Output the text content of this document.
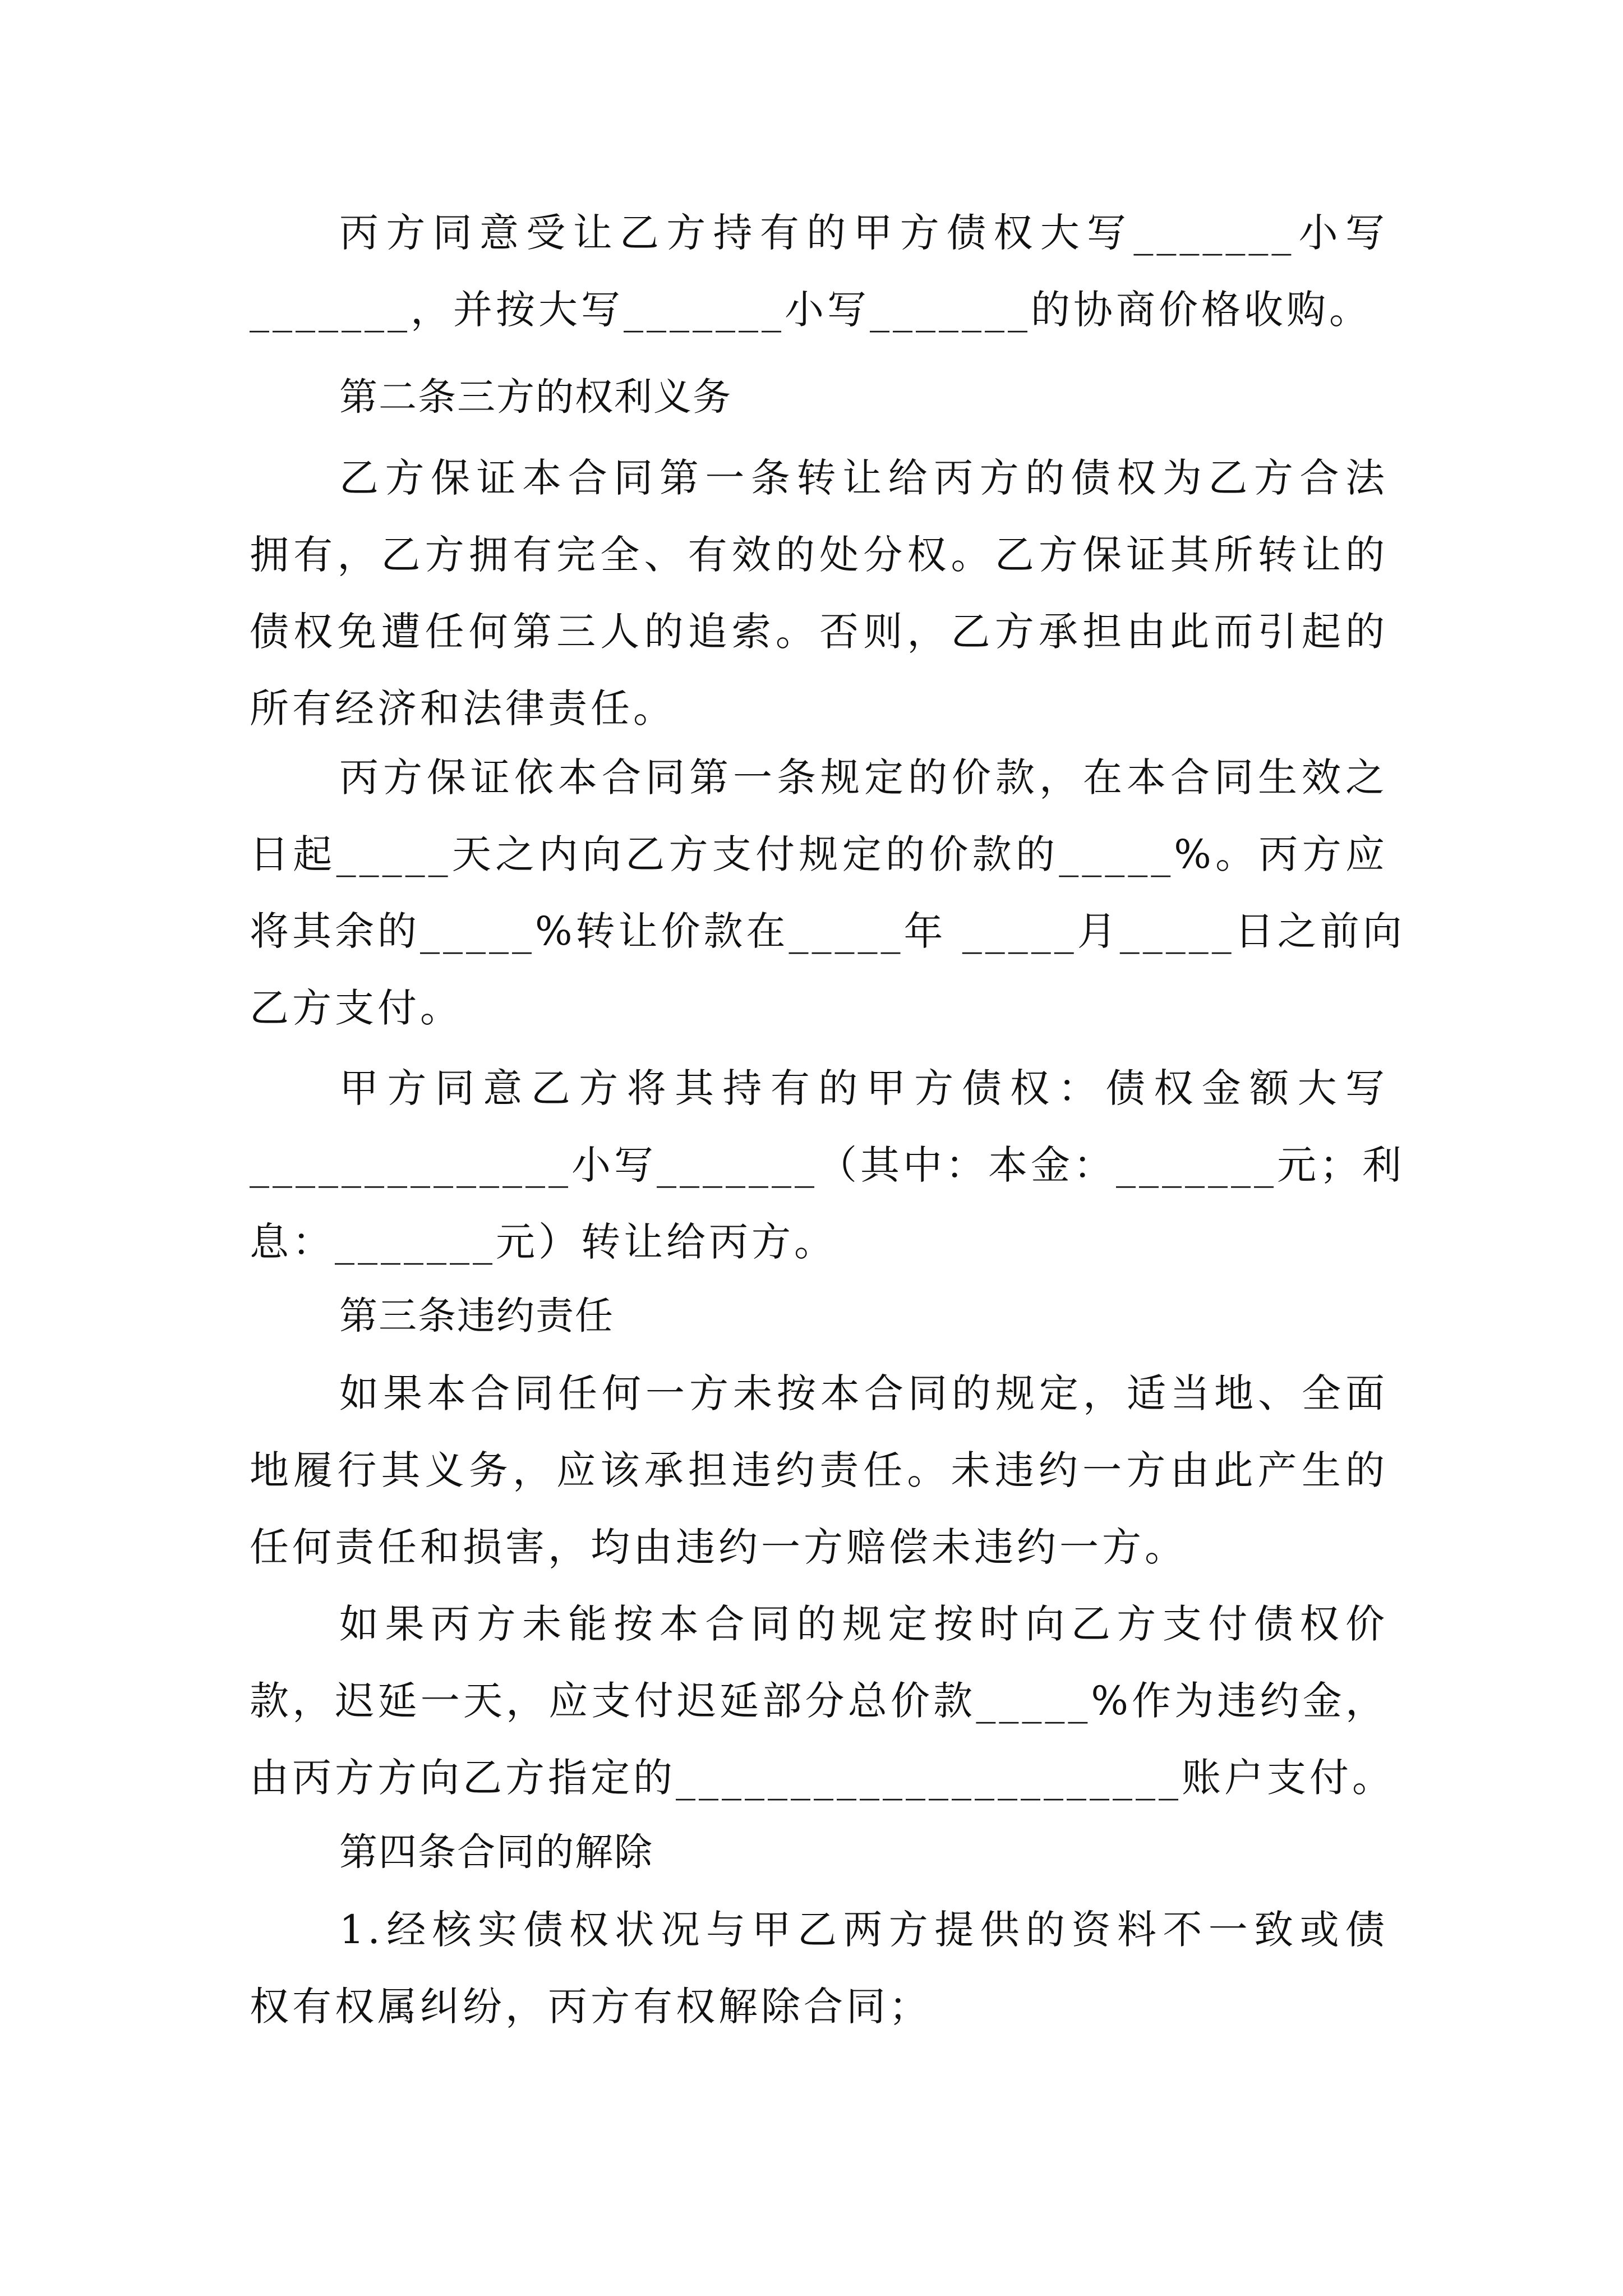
丙方同意受让乙方持有的甲方债权大写_______小写
_______，并按大写_______小写_______的协商价格收购。
第二条三方的权利义务
乙方保证本合同第一条转让给丙方的债权为乙方合法
拥有，乙方拥有完全、有效的处分权。乙方保证其所转让的
债权免遭任何第三人的追索。否则，乙方承担由此而引起的
所有经济和法律责任。
丙方保证依本合同第一条规定的价款，在本合同生效之
日起_____天之内向乙方支付规定的价款的_____%。丙方应
将其余的_____%转让价款在_____年 _____月_____日之前向
乙方支付。
甲方同意乙方将其持有的甲方债权：债权金额大写
______________小写_______（其中：本金：_______元；利
息：_______元）转让给丙方。
第三条违约责任
如果本合同任何一方未按本合同的规定，适当地、全面
地履行其义务，应该承担违约责任。未违约一方由此产生的
任何责任和损害，均由违约一方赔偿未违约一方。
如果丙方未能按本合同的规定按时向乙方支付债权价
款，迟延一天，应支付迟延部分总价款_____%作为违约金，
由丙方方向乙方指定的______________________账户支付。
第四条合同的解除
1.经核实债权状况与甲乙两方提供的资料不一致或债
权有权属纠纷，丙方有权解除合同；
